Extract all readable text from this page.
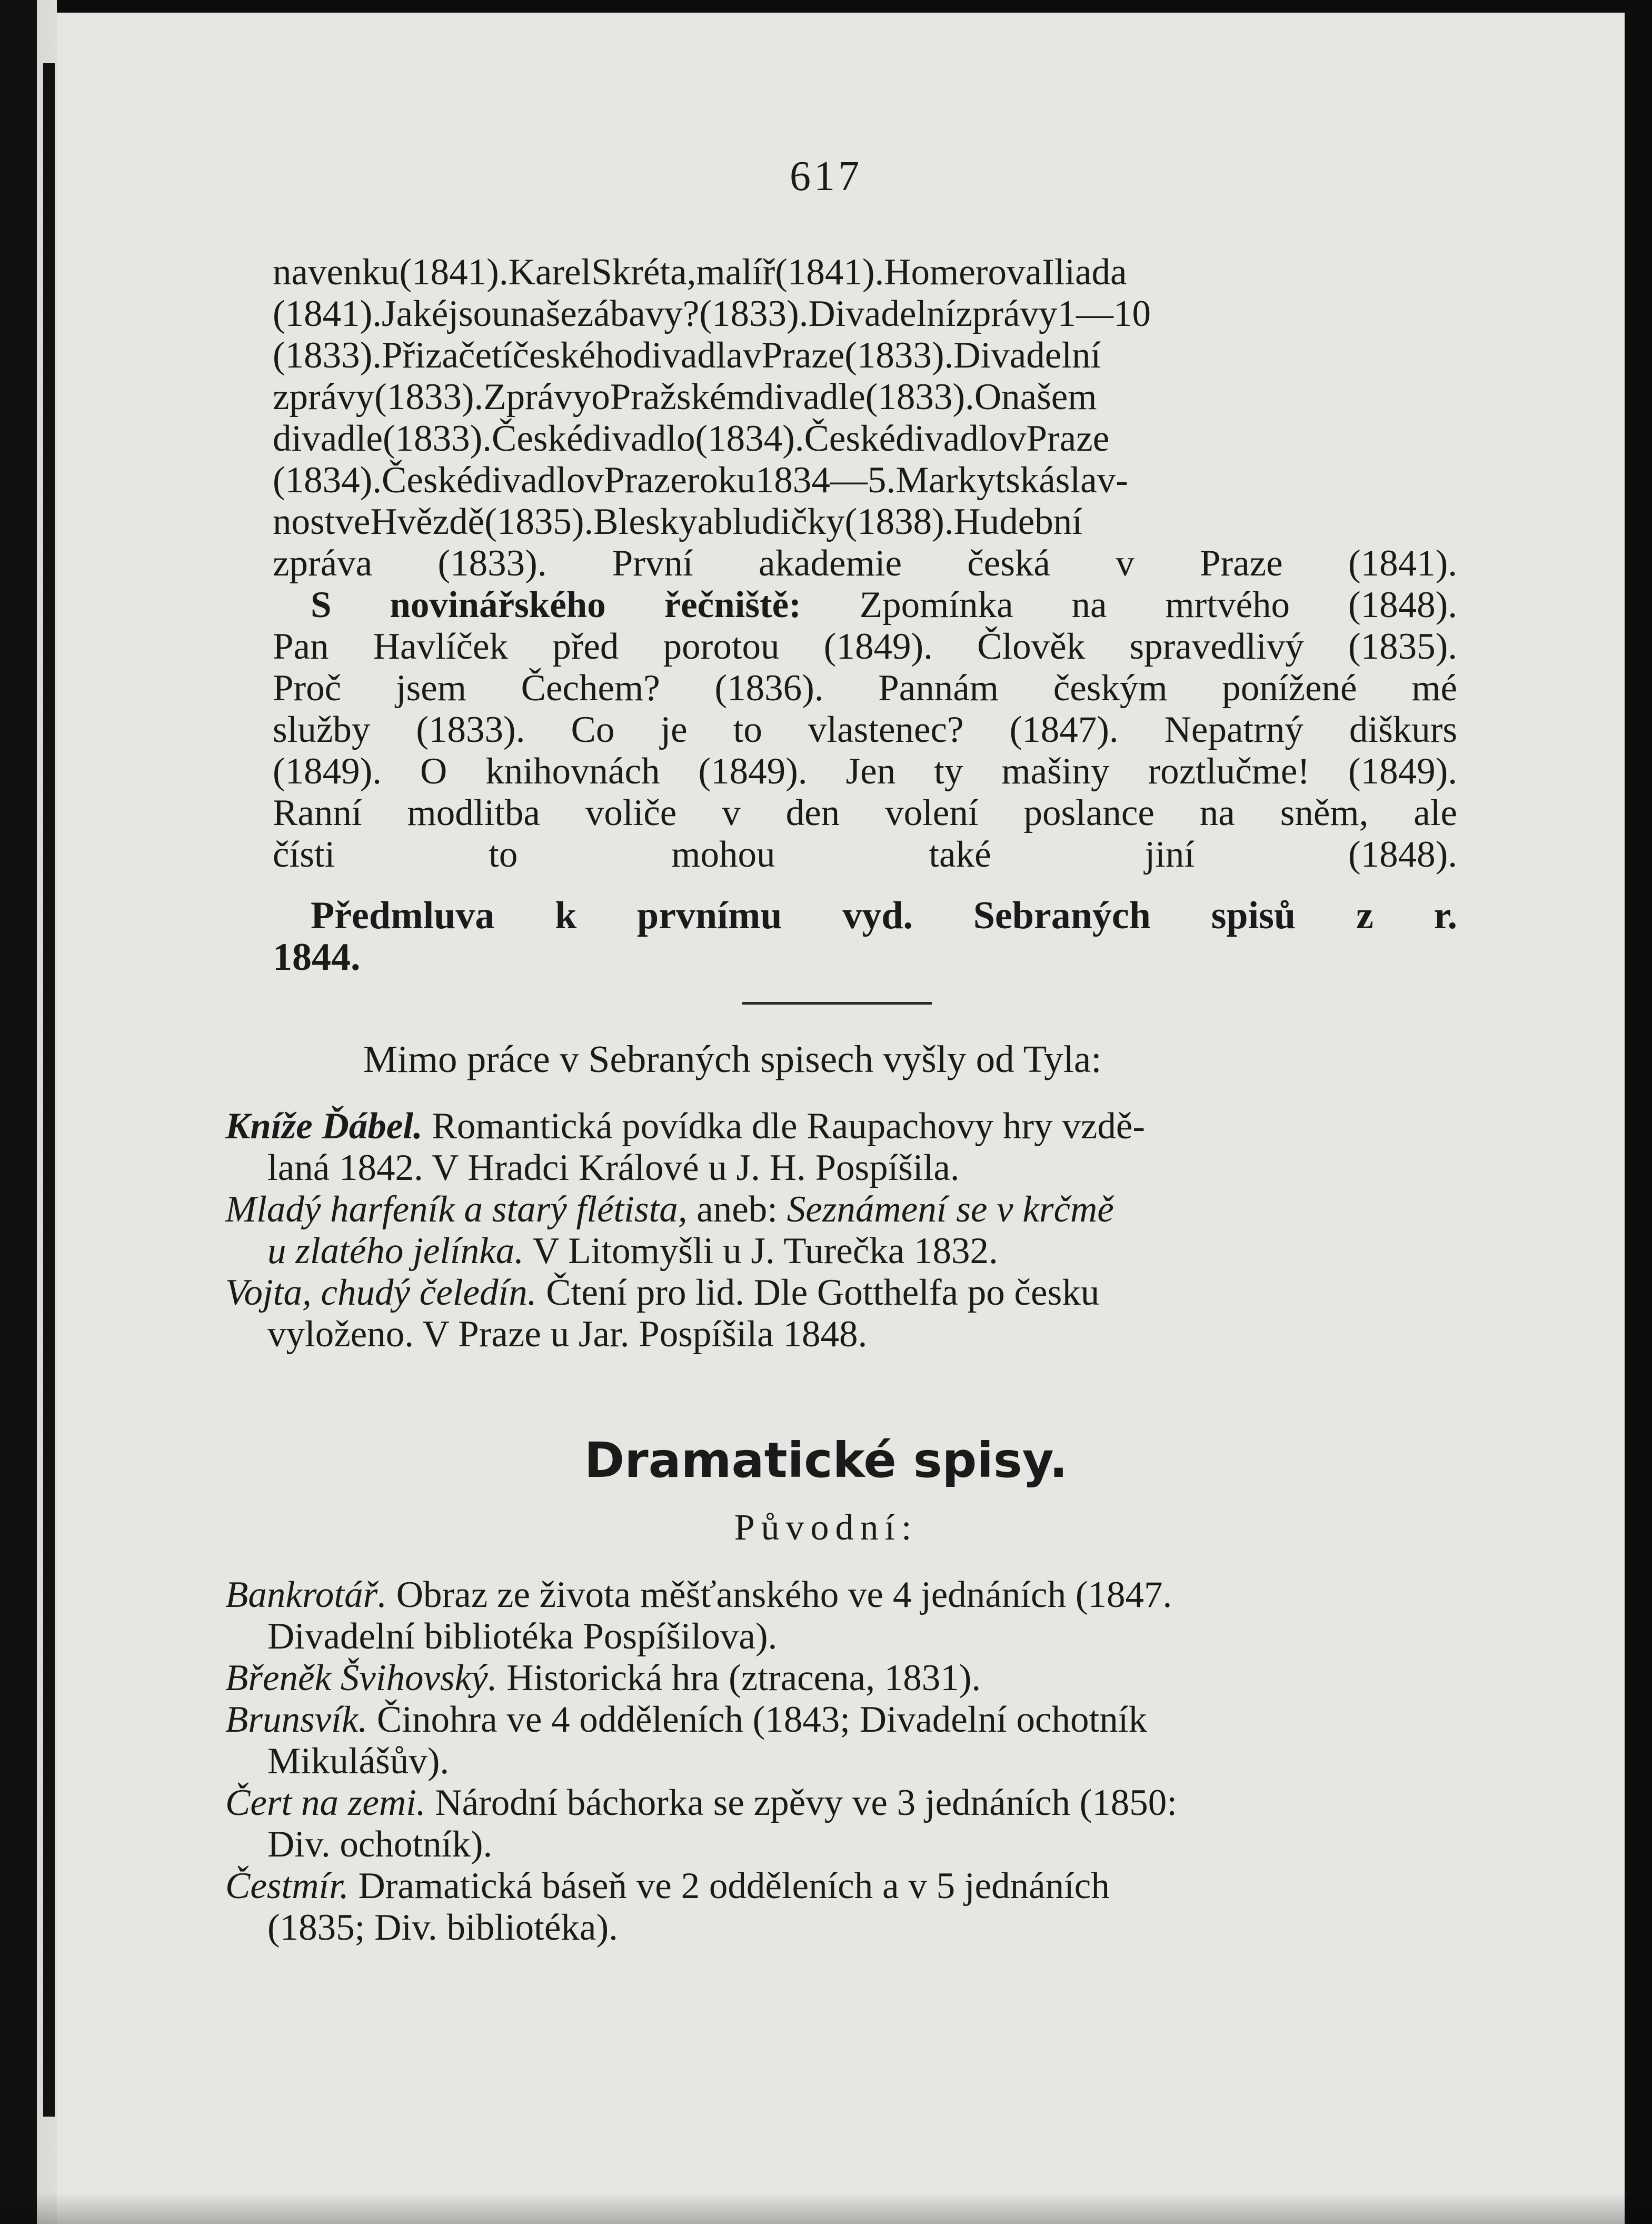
617
navenku(1841).KarelSkréta,malíř(1841).HomerovaIliada
(1841).Jakéjsounašezábavy?(1833).Divadelnízprávy1—10
(1833).PřizačetíčeskéhodivadlavPraze(1833).Divadelní
zprávy(1833).ZprávyoPražskémdivadle(1833).Onašem
divadle(1833).Českédivadlo(1834).ČeskédivadlovPraze
(1834).ČeskédivadlovPrazeroku1834—5.Markytskáslav-
nostveHvězdě(1835).Bleskyabludičky(1838).Hudební
zpráva (1833). První akademie česká v Praze (1841).
S novinářského řečniště: Zpomínka na mrtvého (1848).
Pan Havlíček před porotou (1849). Člověk spravedlivý (1835).
Proč jsem Čechem? (1836). Pannám českým ponížené mé
služby (1833). Co je to vlastenec? (1847). Nepatrný diškurs
(1849). O knihovnách (1849). Jen ty mašiny roztlučme! (1849).
Ranní modlitba voliče v den volení poslance na sněm, ale
čísti to mohou také jiní (1848).
Předmluva k prvnímu vyd. Sebraných spisů z r.
1844.
Mimo práce v Sebraných spisech vyšly od Tyla:
Kníže Ďábel. Romantická povídka dle Raupachovy hry vzdě-
laná 1842. V Hradci Králové u J. H. Pospíšila.
Mladý harfeník a starý flétista, aneb: Seznámení se v krčmě
u zlatého jelínka. V Litomyšli u J. Turečka 1832.
Vojta, chudý čeledín. Čtení pro lid. Dle Gotthelfa po česku
vyloženo. V Praze u Jar. Pospíšila 1848.
Dramatické spisy.
Původní:
Bankrotář. Obraz ze života měšťanského ve 4 jednáních (1847.
Divadelní bibliotéka Pospíšilova).
Břeněk Švihovský. Historická hra (ztracena, 1831).
Brunsvík. Činohra ve 4 odděleních (1843; Divadelní ochotník
Mikulášův).
Čert na zemi. Národní báchorka se zpěvy ve 3 jednáních (1850:
Div. ochotník).
Čestmír. Dramatická báseň ve 2 odděleních a v 5 jednáních
(1835; Div. bibliotéka).
